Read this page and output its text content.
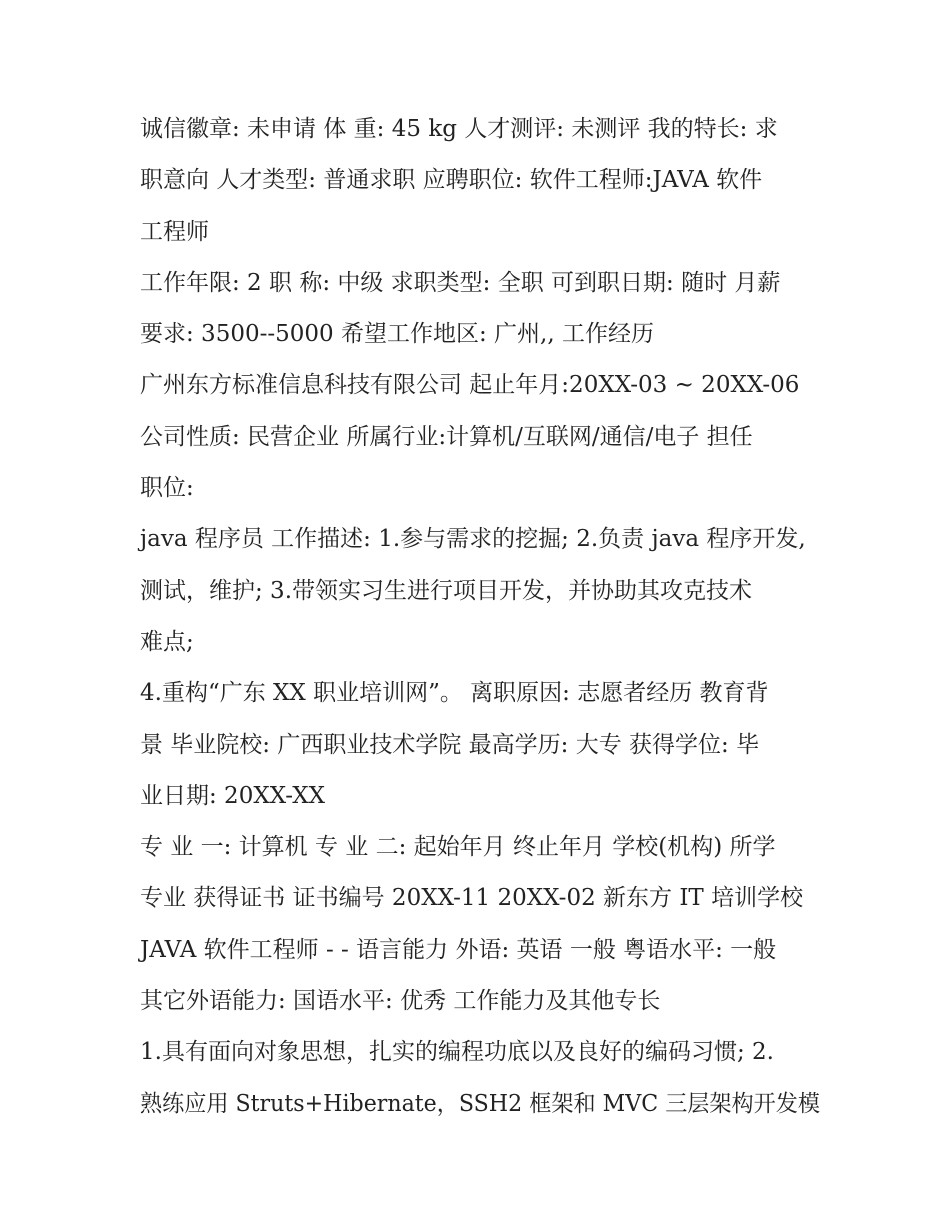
诚信徽章: 未申请 体 重: 45 kg 人才测评: 未测评 我的特长: 求
职意向 人才类型: 普通求职 应聘职位: 软件工程师:JAVA 软件
工程师
工作年限: 2 职 称: 中级 求职类型: 全职 可到职日期: 随时 月薪
要求: 3500--5000 希望工作地区: 广州,, 工作经历
广州东方标准信息科技有限公司 起止年月:20XX-03 ~ 20XX-06
公司性质: 民营企业 所属行业:计算机/互联网/通信/电子 担任
职位:
java 程序员 工作描述: 1.参与需求的挖掘; 2.负责 java 程序开发,
测试，维护; 3.带领实习生进行项目开发，并协助其攻克技术
难点;
4.重构“广东 XX 职业培训网”。 离职原因: 志愿者经历 教育背
景 毕业院校: 广西职业技术学院 最高学历: 大专 获得学位: 毕
业日期: 20XX-XX
专 业 一: 计算机 专 业 二: 起始年月 终止年月 学校(机构) 所学
专业 获得证书 证书编号 20XX-11 20XX-02 新东方 IT 培训学校
JAVA 软件工程师 - - 语言能力 外语: 英语 一般 粤语水平: 一般
其它外语能力: 国语水平: 优秀 工作能力及其他专长
1.具有面向对象思想，扎实的编程功底以及良好的编码习惯; 2.
熟练应用 Struts+Hibernate，SSH2 框架和 MVC 三层架构开发模
